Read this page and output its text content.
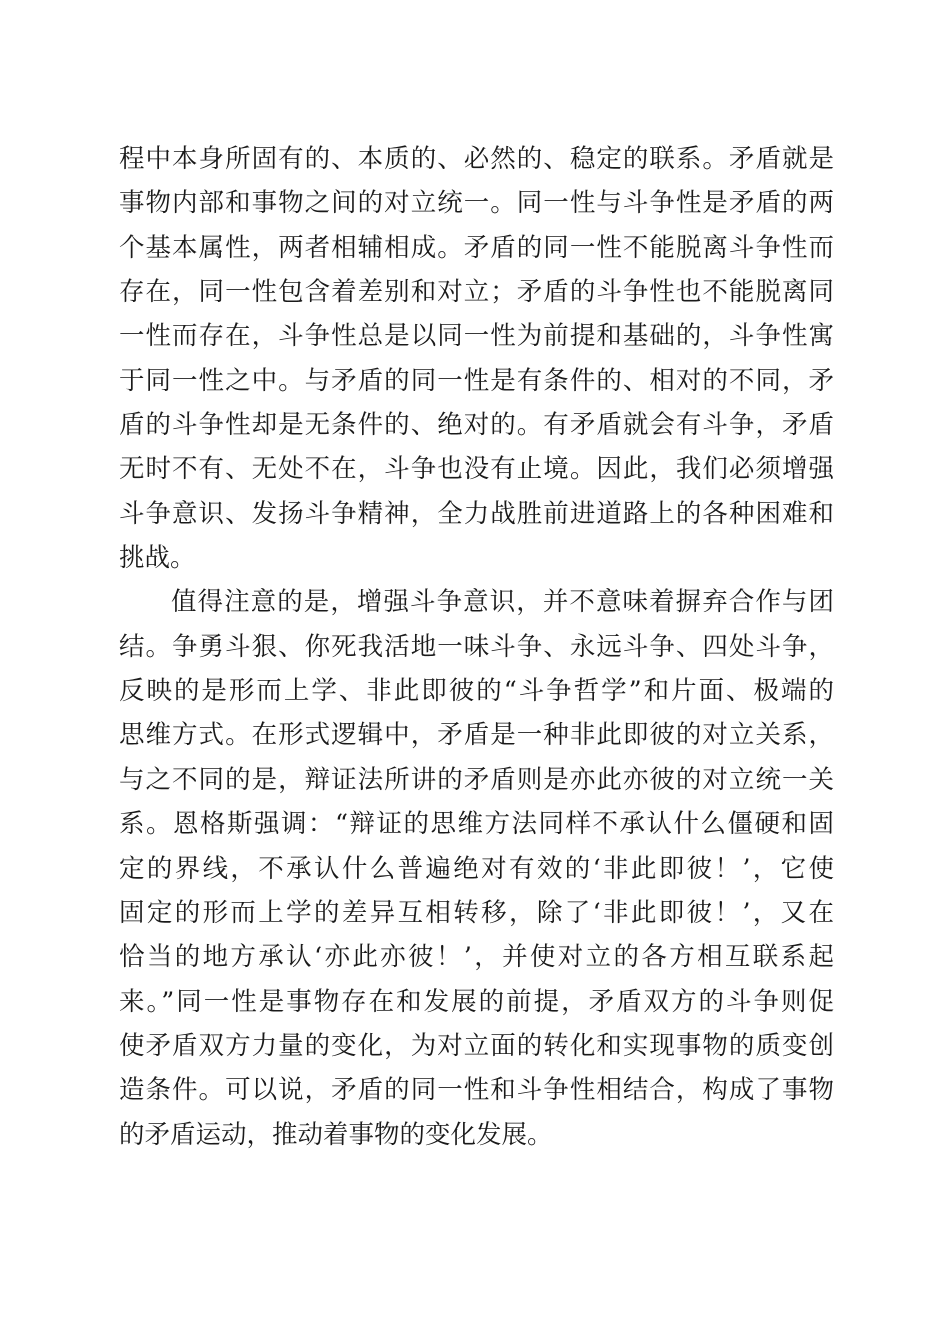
程中本身所固有的、本质的、必然的、稳定的联系。矛盾就是
事物内部和事物之间的对立统一。同一性与斗争性是矛盾的两
个基本属性，两者相辅相成。矛盾的同一性不能脱离斗争性而
存在，同一性包含着差别和对立；矛盾的斗争性也不能脱离同
一性而存在，斗争性总是以同一性为前提和基础的，斗争性寓
于同一性之中。与矛盾的同一性是有条件的、相对的不同，矛
盾的斗争性却是无条件的、绝对的。有矛盾就会有斗争，矛盾
无时不有、无处不在，斗争也没有止境。因此，我们必须增强
斗争意识、发扬斗争精神，全力战胜前进道路上的各种困难和
挑战。
值得注意的是，增强斗争意识，并不意味着摒弃合作与团
结。争勇斗狠、你死我活地一味斗争、永远斗争、四处斗争，
反映的是形而上学、非此即彼的“斗争哲学”和片面、极端的
思维方式。在形式逻辑中，矛盾是一种非此即彼的对立关系，
与之不同的是，辩证法所讲的矛盾则是亦此亦彼的对立统一关
系。恩格斯强调：“辩证的思维方法同样不承认什么僵硬和固
定的界线，不承认什么普遍绝对有效的‘非此即彼！’，它使
固定的形而上学的差异互相转移，除了‘非此即彼！’，又在
恰当的地方承认‘亦此亦彼！’，并使对立的各方相互联系起
来。”同一性是事物存在和发展的前提，矛盾双方的斗争则促
使矛盾双方力量的变化，为对立面的转化和实现事物的质变创
造条件。可以说，矛盾的同一性和斗争性相结合，构成了事物
的矛盾运动，推动着事物的变化发展。
